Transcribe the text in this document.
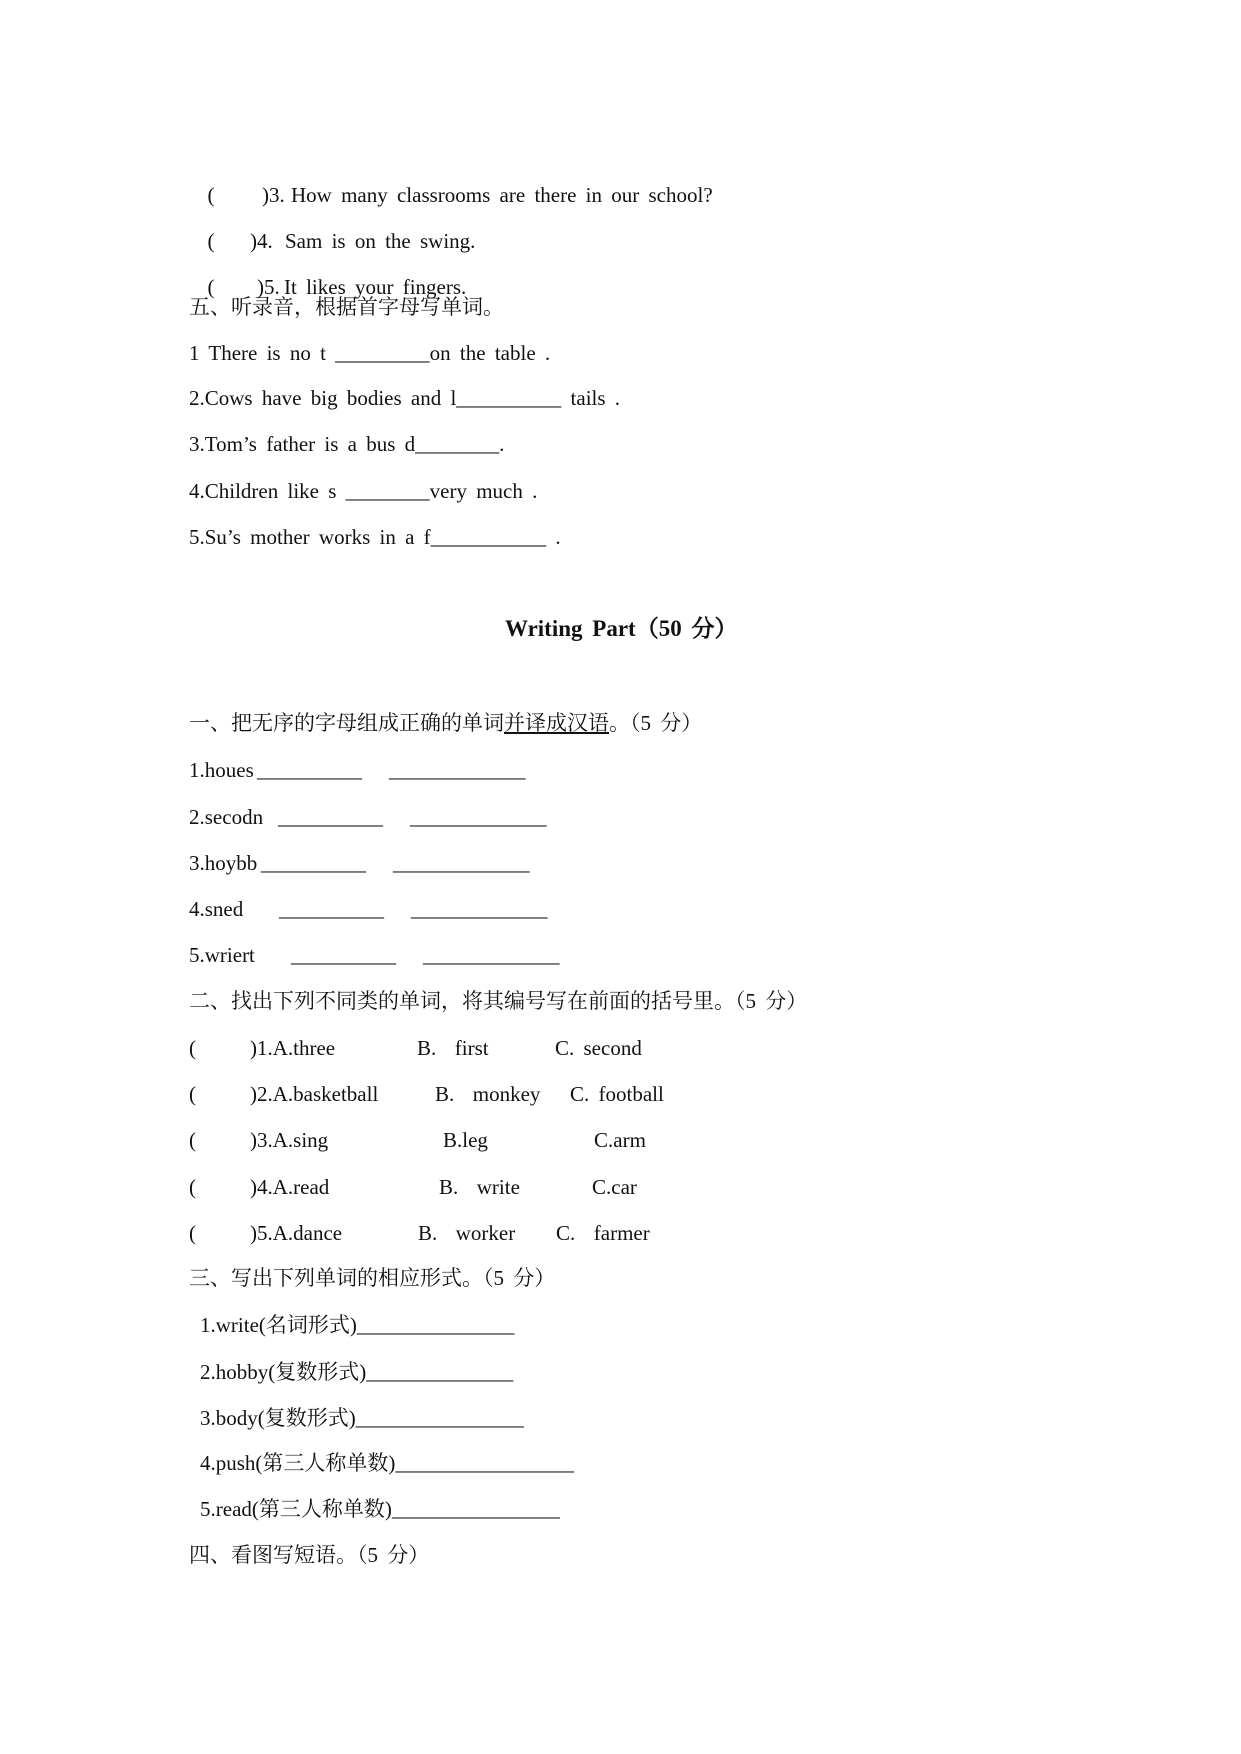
( )3. How many classrooms are there in our school?

( )4. Sam is on the swing.

( )5. It likes your fingers.

五、听录音，根据首字母写单词。
1 There is no t _________on the table .
2.Cows have big bodies and l__________ tails .
3.Tom’s father is a bus d________.
4.Children like s ________very much .
5.Su’s mother works in a f___________ .
Writing Part（50 分）
一、把无序的字母组成正确的单词并译成汉语。（5 分）
1.houes __________ _____________
2.secodn __________ _____________
3.hoybb __________ _____________
4.sned __________ _____________
5.wriert __________ _____________
二、找出下列不同类的单词，将其编号写在前面的括号里。（5 分）
(	)1.A.three	B.  first	C. second
(	)2.A.basketball	B.  monkey C. football
(	)3.A.sing	B.leg	C.arm
(	)4.A.read	B.  write	C.car
(	)5.A.dance	B.  worker C.  farmer
三、写出下列单词的相应形式。（5 分）
1.write(名词形式)_______________
2.hobby(复数形式)______________
3.body(复数形式)________________
4.push(第三人称单数)_________________
5.read(第三人称单数)________________
四、看图写短语。（5 分）
